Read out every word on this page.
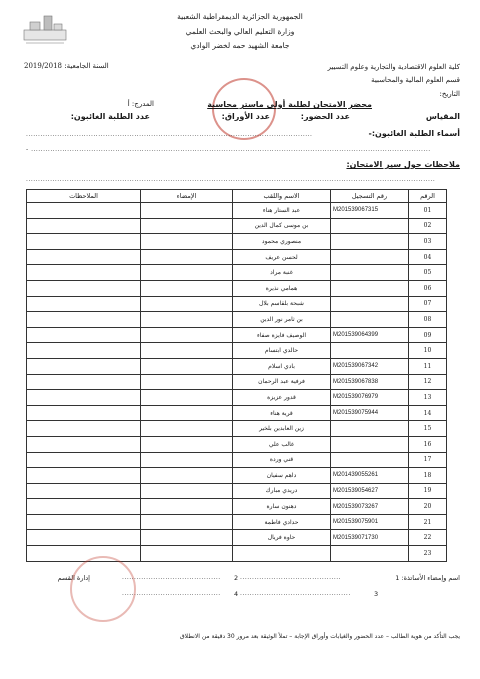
الجمهورية الجزائرية الديمقراطية الشعبية
وزارة التعليم العالي والبحث العلمي
جامعة الشهيد حمه لخضر الوادي
كلية العلوم الاقتصادية والتجارية وعلوم التسيير
السنة الجامعية: 2019/2018
قسم العلوم المالية والمحاسبية
التاريخ:
المقياس
محضر الامتحان لطلبة أولى ماستر محاسبة
المدرج: أ
عدد الحضور:
عدد الأوراق:
عدد الطلبة الغائبون:
أسماء الطلبة الغائبون:-
.......................................................................................................................
- ......................................................................................................................................................................
ملاحظات حول سير الامتحان:
..........................................................................................................................................................................
الرقم	رقم التسجيل	الاسم واللقب	الإمضاء	الملاحظات
01	M201539067315	عبد الستار هناء		
02		بن موسى كمال الدين		
03		منصوري محمود		
04		لحسن عريف		
05		غنبة مراد		
06		همامي نذيرة		
07		شبحة بلقاسم بلال		
08		بن ثامر نور الدين		
09	M201539064399	الوصيف فايزة صفاء		
10		حالدي ابتسام		
11	M201539067342	بادي اسلام		
12	M201539067838	فرفية عبد الرحمان		
13	M201539076979	قدور عزيزة		
14	M201539075944	قرية هناء		
15		زين العابدين بلخير		
16		غالب علي		
17		قني وردة		
18	M201439055261	داهم سفيان		
19	M201539054627	دريدي مبارك		
20	M201539073267	دهنون سارة		
21	M201539075901	حدادي فاطمة		
22	M201539071730	حاوة فريال		
23				
اسم وإمضاء الأساتذة: 1
..........................................
2
.........................................
إدارة القسم
3
..............................................
4
.........................................
يجب التأكد من هوية الطالب – عدد الحضور والغيابات وأوراق الإجابة – تملأ الوثيقة بعد مرور 30 دقيقة من الانطلاق
